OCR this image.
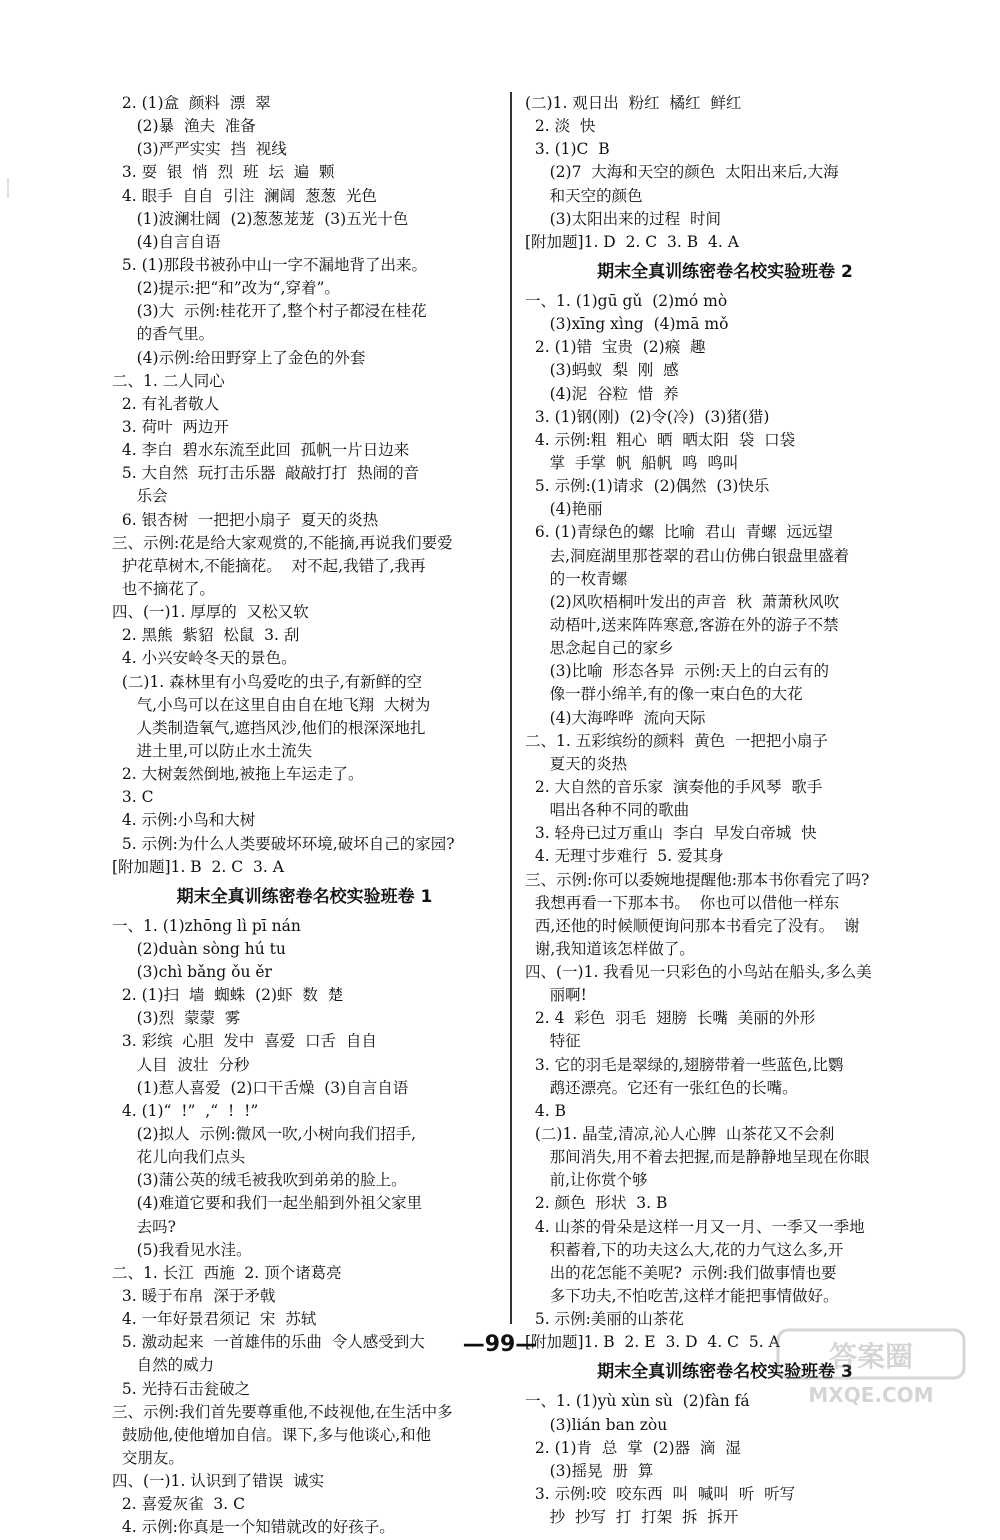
2. (1)盒  颜料  漂  翠
(2)暴  渔夫  准备
(3)严严实实  挡  视线
3. 耍  银  悄  烈  班  坛  遍  颗
4. 眼手  自自  引注  澜阔  葱葱  光色
(1)波澜壮阔  (2)葱葱茏茏  (3)五光十色
(4)自言自语
5. (1)那段书被孙中山一字不漏地背了出来。
(2)提示:把“和”改为“,穿着”。
(3)大  示例:桂花开了,整个村子都浸在桂花
的香气里。
(4)示例:给田野穿上了金色的外套
二、1. 二人同心
2. 有礼者敬人
3. 荷叶  两边开
4. 李白  碧水东流至此回  孤帆一片日边来
5. 大自然  玩打击乐器  敲敲打打  热闹的音
乐会
6. 银杏树  一把把小扇子  夏天的炎热
三、示例:花是给大家观赏的,不能摘,再说我们要爱
护花草树木,不能摘花。  对不起,我错了,我再
也不摘花了。
四、(一)1. 厚厚的  又松又软
2. 黑熊  紫貂  松鼠  3. 刮
4. 小兴安岭冬天的景色。
(二)1. 森林里有小鸟爱吃的虫子,有新鲜的空
气,小鸟可以在这里自由自在地飞翔  大树为
人类制造氧气,遮挡风沙,他们的根深深地扎
进土里,可以防止水土流失
2. 大树轰然倒地,被拖上车运走了。
3. C
4. 示例:小鸟和大树
5. 示例:为什么人类要破坏环境,破坏自己的家园?
[附加题]1. B  2. C  3. A
期末全真训练密卷名校实验班卷 1
一、1. (1)zhōng lì pī nán
(2)duàn sòng hú tu
(3)chì bǎng ǒu ěr
2. (1)扫  墙  蜘蛛  (2)虾  数  楚
(3)烈  蒙蒙  雾
3. 彩缤  心胆  发中  喜爱  口舌  自自
人目  波壮  分秒
(1)惹人喜爱  (2)口干舌燥  (3)自言自语
4. (1)“  !”  ,“  !  !”
(2)拟人  示例:微风一吹,小树向我们招手,
花儿向我们点头
(3)蒲公英的绒毛被我吹到弟弟的脸上。
(4)难道它要和我们一起坐船到外祖父家里
去吗?
(5)我看见水洼。
二、1. 长江  西施  2. 顶个诸葛亮
3. 暖于布帛  深于矛戟
4. 一年好景君须记  宋  苏轼
5. 激动起来  一首雄伟的乐曲  令人感受到大
自然的威力
5. 光持石击瓮破之
三、示例:我们首先要尊重他,不歧视他,在生活中多
鼓励他,使他增加自信。课下,多与他谈心,和他
交朋友。
四、(一)1. 认识到了错误  诚实
2. 喜爱灰雀  3. C
4. 示例:你真是一个知错就改的好孩子。
(二)1. 观日出  粉红  橘红  鲜红
2. 淡  快
3. (1)C  B
(2)7  大海和天空的颜色  太阳出来后,大海
和天空的颜色
(3)太阳出来的过程  时间
[附加题]1. D  2. C  3. B  4. A
期末全真训练密卷名校实验班卷 2
一、1. (1)gū gǔ  (2)mó mò
(3)xīng xìng  (4)mā mǒ
2. (1)错  宝贵  (2)瘊  趣
(3)蚂蚁  梨  刚  感
(4)泥  谷粒  惜  养
3. (1)钢(刚)  (2)令(冷)  (3)猪(猎)
4. 示例:粗  粗心  晒  晒太阳  袋  口袋
掌  手掌  帆  船帆  鸣  鸣叫
5. 示例:(1)请求  (2)偶然  (3)快乐
(4)艳丽
6. (1)青绿色的螺  比喻  君山  青螺  远远望
去,洞庭湖里那苍翠的君山仿佛白银盘里盛着
的一枚青螺
(2)风吹梧桐叶发出的声音  秋  萧萧秋风吹
动梧叶,送来阵阵寒意,客游在外的游子不禁
思念起自己的家乡
(3)比喻  形态各异  示例:天上的白云有的
像一群小绵羊,有的像一束白色的大花
(4)大海哗哗  流向天际
二、1. 五彩缤纷的颜料  黄色  一把把小扇子
夏天的炎热
2. 大自然的音乐家  演奏他的手风琴  歌手
唱出各种不同的歌曲
3. 轻舟已过万重山  李白  早发白帝城  快
4. 无理寸步难行  5. 爱其身
三、示例:你可以委婉地提醒他:那本书你看完了吗?
我想再看一下那本书。  你也可以借他一样东
西,还他的时候顺便询问那本书看完了没有。  谢
谢,我知道该怎样做了。
四、(一)1. 我看见一只彩色的小鸟站在船头,多么美
丽啊!
2. 4  彩色  羽毛  翅膀  长嘴  美丽的外形
特征
3. 它的羽毛是翠绿的,翅膀带着一些蓝色,比鹦
鹉还漂亮。它还有一张红色的长嘴。
4. B
(二)1. 晶莹,清凉,沁人心脾  山茶花又不会刹
那间消失,用不着去把握,而是静静地呈现在你眼
前,让你赏个够
2. 颜色  形状  3. B
4. 山茶的骨朵是这样一月又一月、一季又一季地
积蓄着,下的功夫这么大,花的力气这么多,开
出的花怎能不美呢?  示例:我们做事情也要
多下功夫,不怕吃苦,这样才能把事情做好。
5. 示例:美丽的山茶花
[附加题]1. B  2. E  3. D  4. C  5. A
期末全真训练密卷名校实验班卷 3
一、1. (1)yù xùn sù  (2)fàn fá
(3)lián ban zòu
2. (1)肯  总  掌  (2)器  滴  湿
(3)摇晃  册  算
3. 示例:咬  咬东西  叫  喊叫  听  听写
抄  抄写  打  打架  拆  拆开
—99—	答案圈
MXQE.COM
